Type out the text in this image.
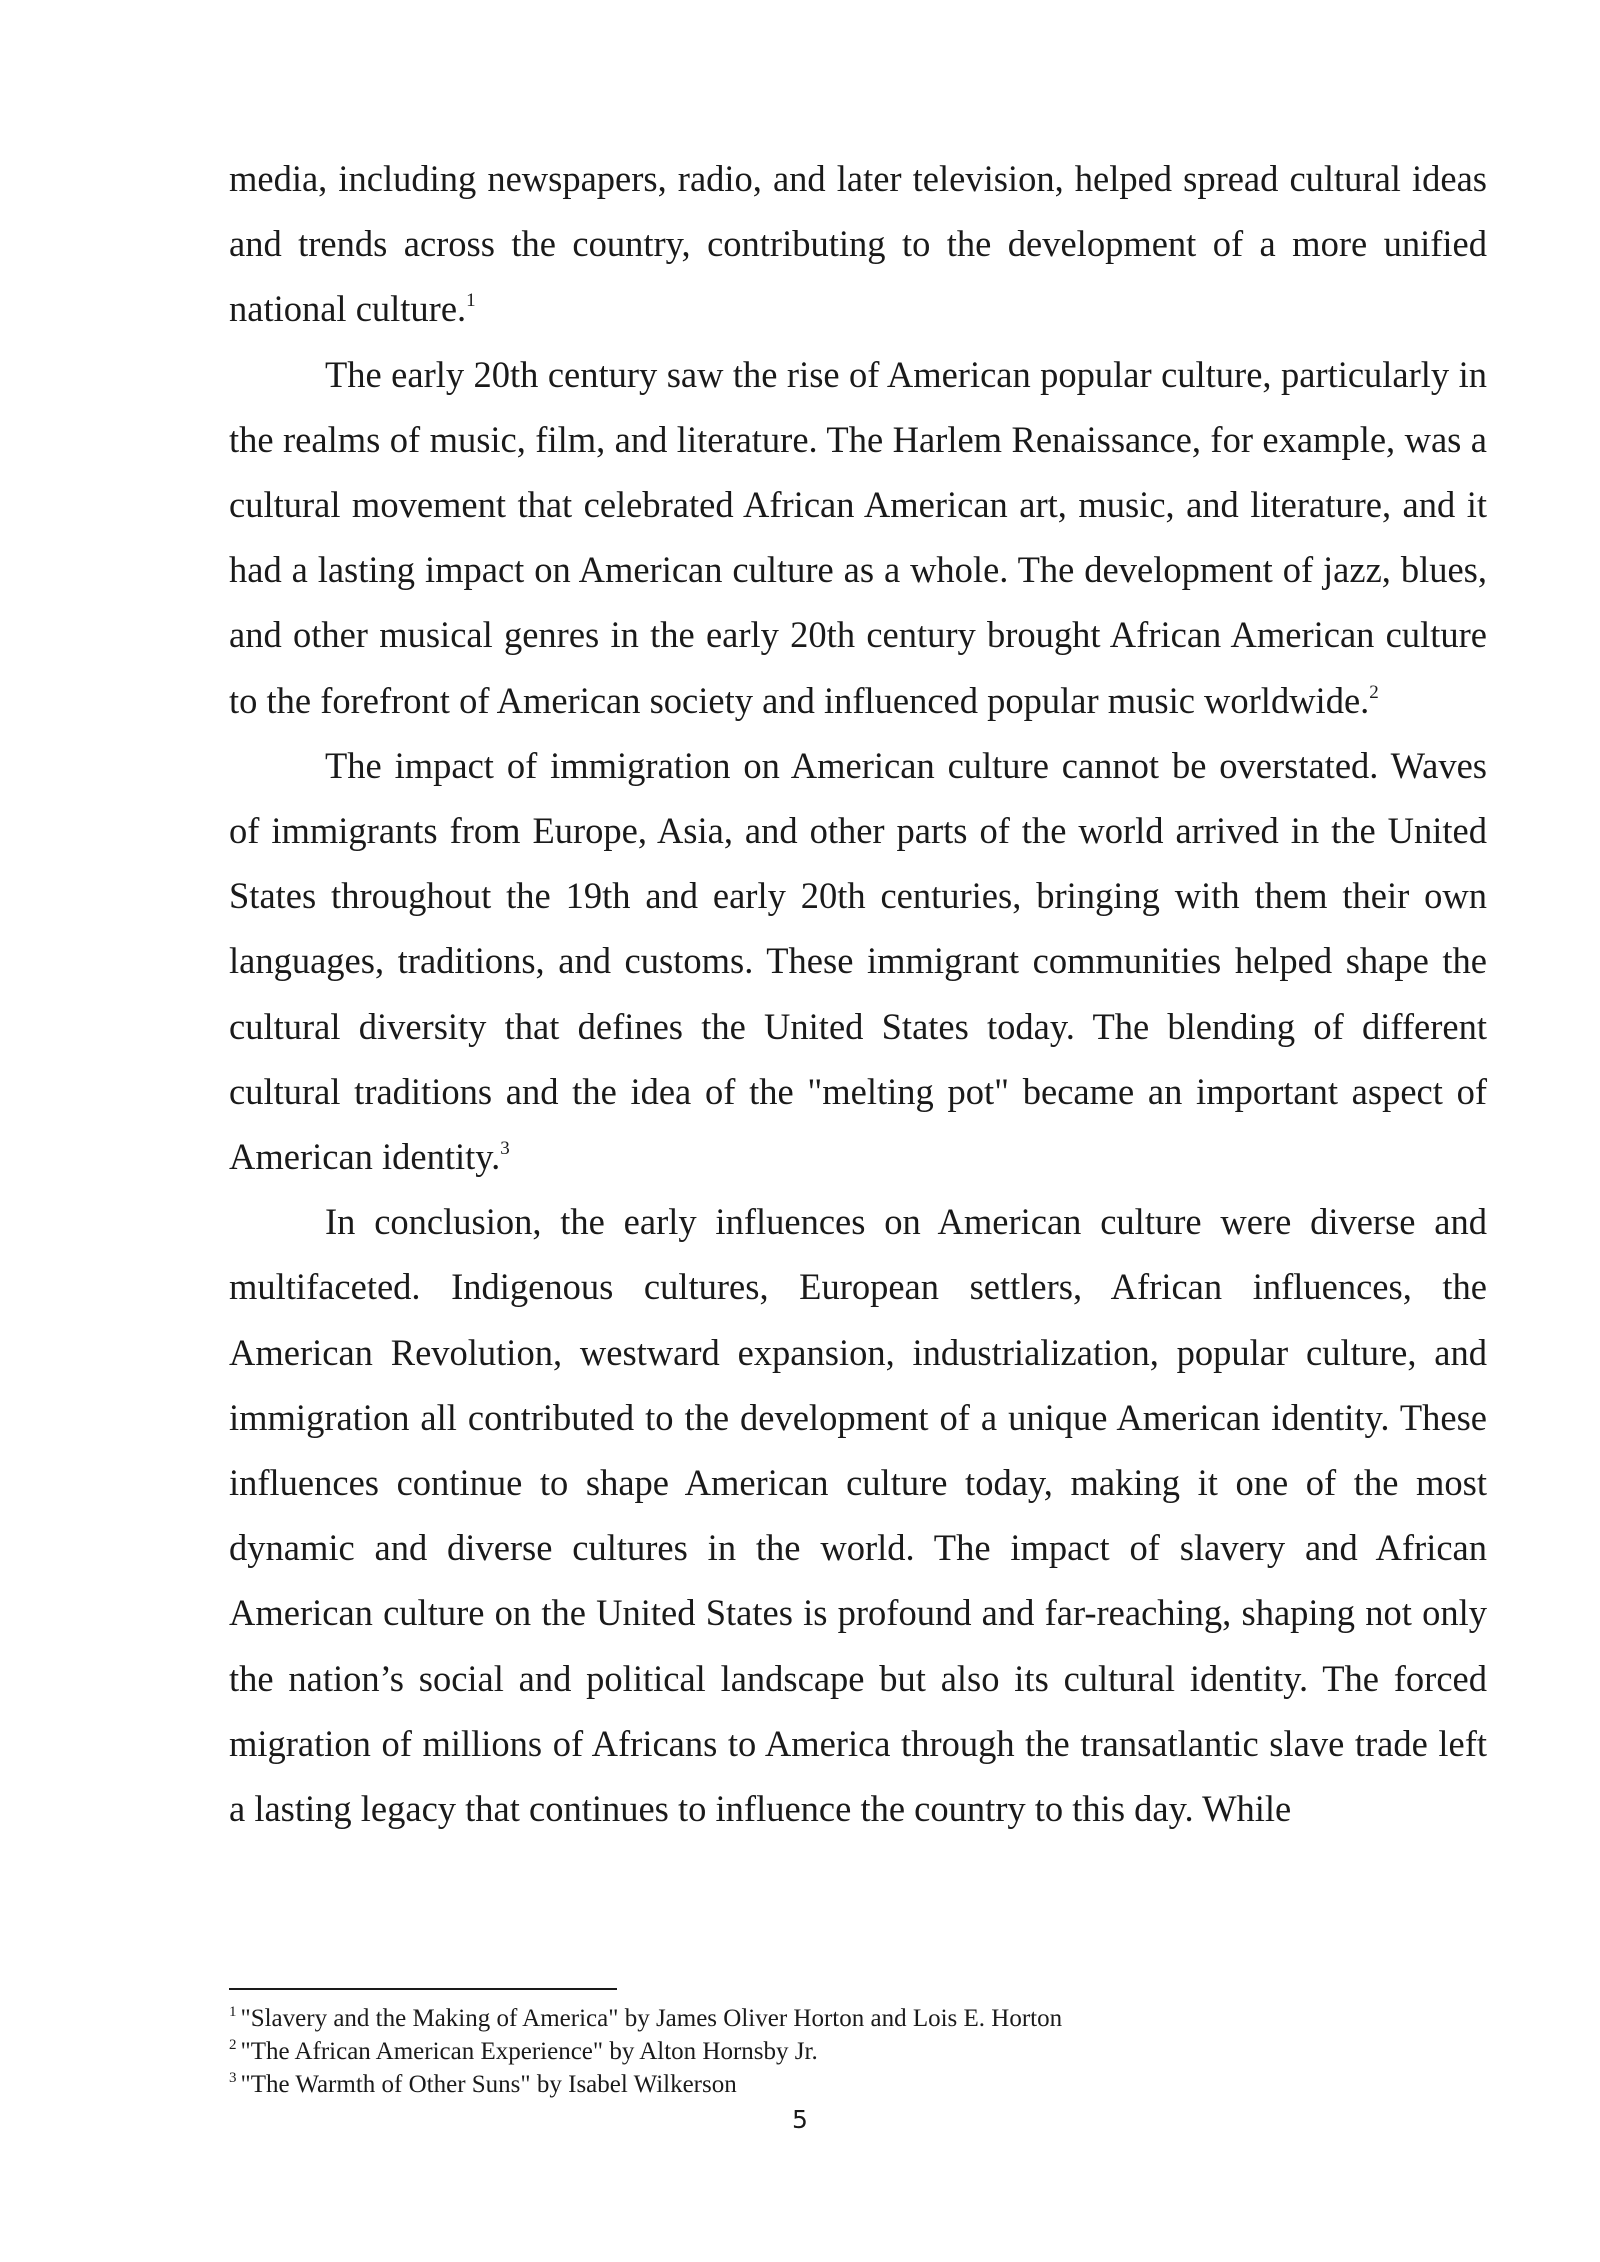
media, including newspapers, radio, and later television, helped spread cultural ideas and trends across the country, contributing to the development of a more unified national culture.$^1$

The early 20th century saw the rise of American popular culture, particularly in the realms of music, film, and literature. The Harlem Renaissance, for example, was a cultural movement that celebrated African American art, music, and literature, and it had a lasting impact on American culture as a whole. The development of jazz, blues, and other musical genres in the early 20th century brought African American culture to the forefront of American society and influenced popular music worldwide.$^2$

The impact of immigration on American culture cannot be overstated. Waves of immigrants from Europe, Asia, and other parts of the world arrived in the United States throughout the 19th and early 20th centuries, bringing with them their own languages, traditions, and customs. These immigrant communities helped shape the cultural diversity that defines the United States today. The blending of different cultural traditions and the idea of the "melting pot" became an important aspect of American identity.$^3$

In conclusion, the early influences on American culture were diverse and multifaceted. Indigenous cultures, European settlers, African influences, the American Revolution, westward expansion, industrialization, popular culture, and immigration all contributed to the development of a unique American identity. These influences continue to shape American culture today, making it one of the most dynamic and diverse cultures in the world. The impact of slavery and African American culture on the United States is profound and far-reaching, shaping not only the nation’s social and political landscape but also its cultural identity. The forced migration of millions of Africans to America through the transatlantic slave trade left a lasting legacy that continues to influence the country to this day. While

$^1$ "Slavery and the Making of America" by James Oliver Horton and Lois E. Horton

$^2$ "The African American Experience" by Alton Hornsby Jr.

$^3$ "The Warmth of Other Suns" by Isabel Wilkerson

5
